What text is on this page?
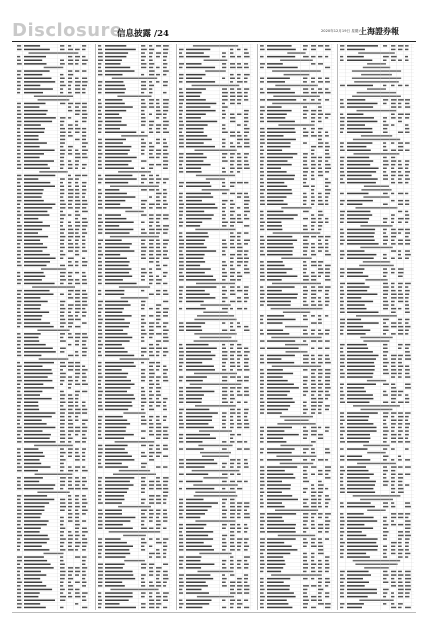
Disclosure
信息披露 /24	2020年12月19日 星期六
上海證券報
